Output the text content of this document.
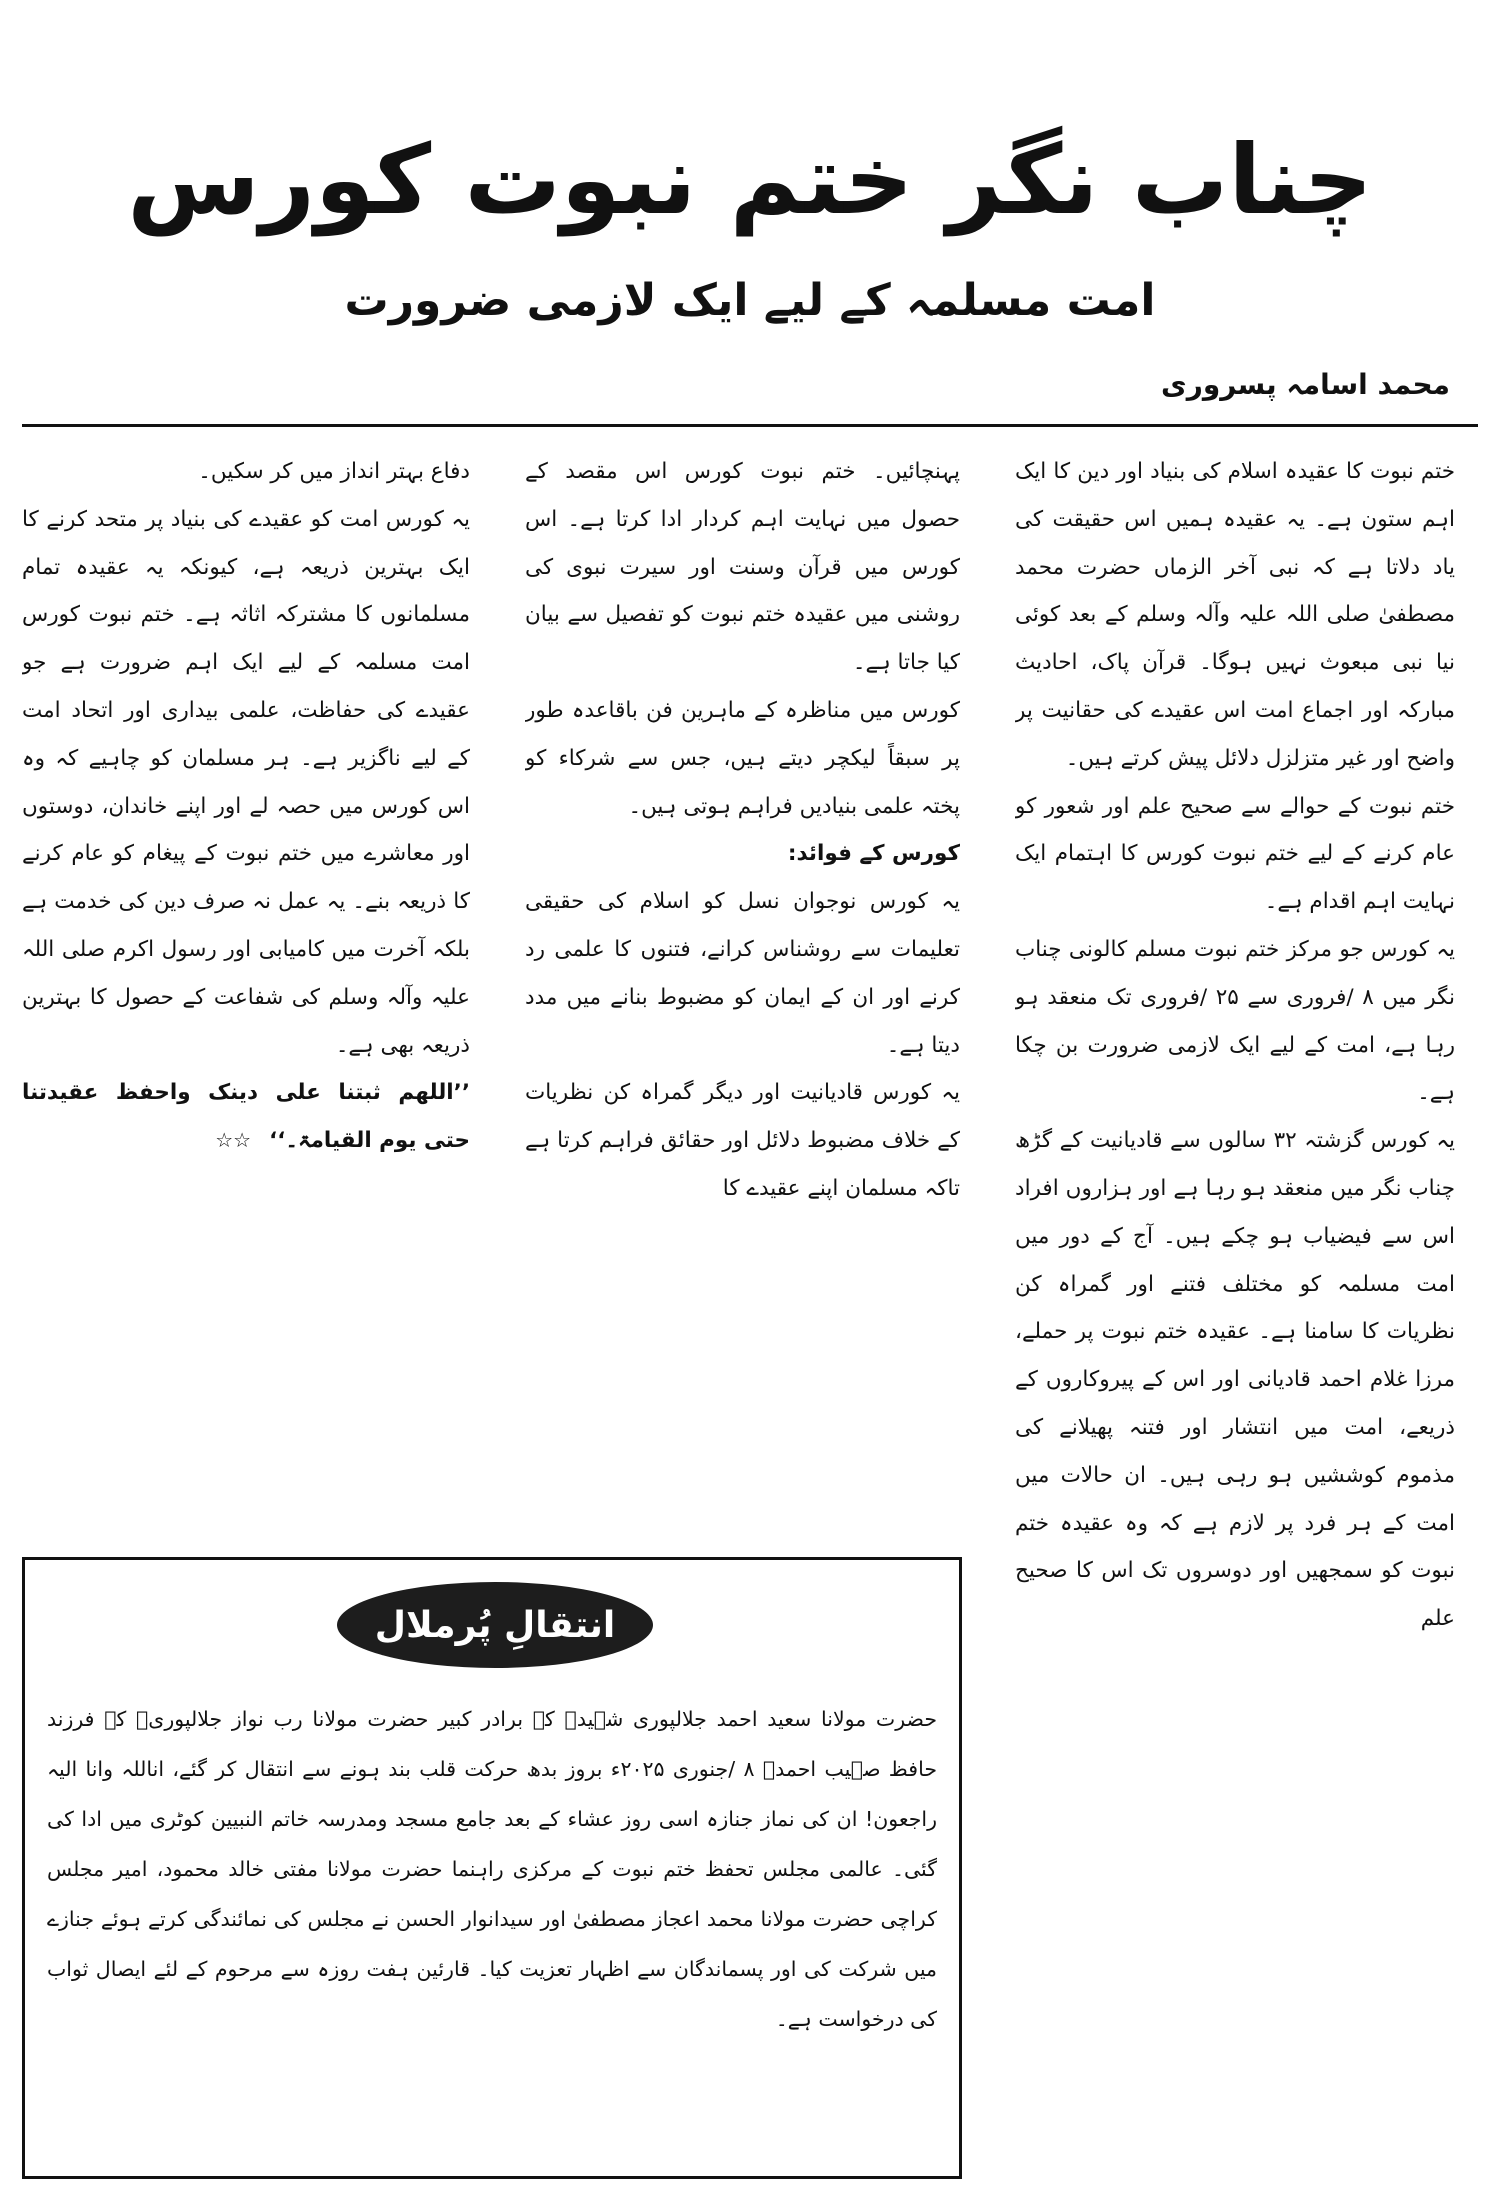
چناب نگر ختم نبوت کورس
امت مسلمہ کے لیے ایک لازمی ضرورت
محمد اسامہ پسروری

ختم نبوت کا عقیدہ اسلام کی بنیاد اور دین کا ایک اہم ستون ہے۔ یہ عقیدہ ہمیں اس حقیقت کی یاد دلاتا ہے کہ نبی آخر الزماں حضرت محمد مصطفیٰ صلی اللہ علیہ وآلہ وسلم کے بعد کوئی نیا نبی مبعوث نہیں ہوگا۔ قرآن پاک، احادیث مبارکہ اور اجماع امت اس عقیدے کی حقانیت پر واضح اور غیر متزلزل دلائل پیش کرتے ہیں۔

ختم نبوت کے حوالے سے صحیح علم اور شعور کو عام کرنے کے لیے ختم نبوت کورس کا اہتمام ایک نہایت اہم اقدام ہے۔

یہ کورس جو مرکز ختم نبوت مسلم کالونی چناب نگر میں ۸ /فروری سے ۲۵ /فروری تک منعقد ہو رہا ہے، امت کے لیے ایک لازمی ضرورت بن چکا ہے۔

یہ کورس گزشتہ ۳۲ سالوں سے قادیانیت کے گڑھ چناب نگر میں منعقد ہو رہا ہے اور ہزاروں افراد اس سے فیضیاب ہو چکے ہیں۔ آج کے دور میں امت مسلمہ کو مختلف فتنے اور گمراہ کن نظریات کا سامنا ہے۔ عقیدہ ختم نبوت پر حملے، مرزا غلام احمد قادیانی اور اس کے پیروکاروں کے ذریعے، امت میں انتشار اور فتنہ پھیلانے کی مذموم کوششیں ہو رہی ہیں۔ ان حالات میں امت کے ہر فرد پر لازم ہے کہ وہ عقیدہ ختم نبوت کو سمجھیں اور دوسروں تک اس کا صحیح علم

پہنچائیں۔ ختم نبوت کورس اس مقصد کے حصول میں نہایت اہم کردار ادا کرتا ہے۔ اس کورس میں قرآن وسنت اور سیرت نبوی کی روشنی میں عقیدہ ختم نبوت کو تفصیل سے بیان کیا جاتا ہے۔

کورس میں مناظرہ کے ماہرین فن باقاعدہ طور پر سبقاً لیکچر دیتے ہیں، جس سے شرکاء کو پختہ علمی بنیادیں فراہم ہوتی ہیں۔

کورس کے فوائد:

یہ کورس نوجوان نسل کو اسلام کی حقیقی تعلیمات سے روشناس کرانے، فتنوں کا علمی رد کرنے اور ان کے ایمان کو مضبوط بنانے میں مدد دیتا ہے۔

یہ کورس قادیانیت اور دیگر گمراہ کن نظریات کے خلاف مضبوط دلائل اور حقائق فراہم کرتا ہے تاکہ مسلمان اپنے عقیدے کا

دفاع بہتر انداز میں کر سکیں۔

یہ کورس امت کو عقیدے کی بنیاد پر متحد کرنے کا ایک بہترین ذریعہ ہے، کیونکہ یہ عقیدہ تمام مسلمانوں کا مشترکہ اثاثہ ہے۔ ختم نبوت کورس امت مسلمہ کے لیے ایک اہم ضرورت ہے جو عقیدے کی حفاظت، علمی بیداری اور اتحاد امت کے لیے ناگزیر ہے۔ ہر مسلمان کو چاہیے کہ وہ اس کورس میں حصہ لے اور اپنے خاندان، دوستوں اور معاشرے میں ختم نبوت کے پیغام کو عام کرنے کا ذریعہ بنے۔ یہ عمل نہ صرف دین کی خدمت ہے بلکہ آخرت میں کامیابی اور رسول اکرم صلی اللہ علیہ وآلہ وسلم کی شفاعت کے حصول کا بہترین ذریعہ بھی ہے۔

’’اللھم ثبتنا علی دینک واحفظ عقیدتنا حتی یوم القیامۃ۔‘‘☆☆

انتقالِ پُرملال
حضرت مولانا سعید احمد جلالپوری شہیدؒ کے برادر کبیر حضرت مولانا رب نواز جلالپوریؒ کے فرزند حافظ صہیب احمدؒ ۸ /جنوری ۲۰۲۵ء بروز بدھ حرکت قلب بند ہونے سے انتقال کر گئے، اناللہ وانا الیہ راجعون! ان کی نماز جنازہ اسی روز عشاء کے بعد جامع مسجد ومدرسہ خاتم النبیین کوٹری میں ادا کی گئی۔ عالمی مجلس تحفظ ختم نبوت کے مرکزی راہنما حضرت مولانا مفتی خالد محمود، امیر مجلس کراچی حضرت مولانا محمد اعجاز مصطفیٰ اور سیدانوار الحسن نے مجلس کی نمائندگی کرتے ہوئے جنازے میں شرکت کی اور پسماندگان سے اظہار تعزیت کیا۔ قارئین ہفت روزہ سے مرحوم کے لئے ایصال ثواب کی درخواست ہے۔
